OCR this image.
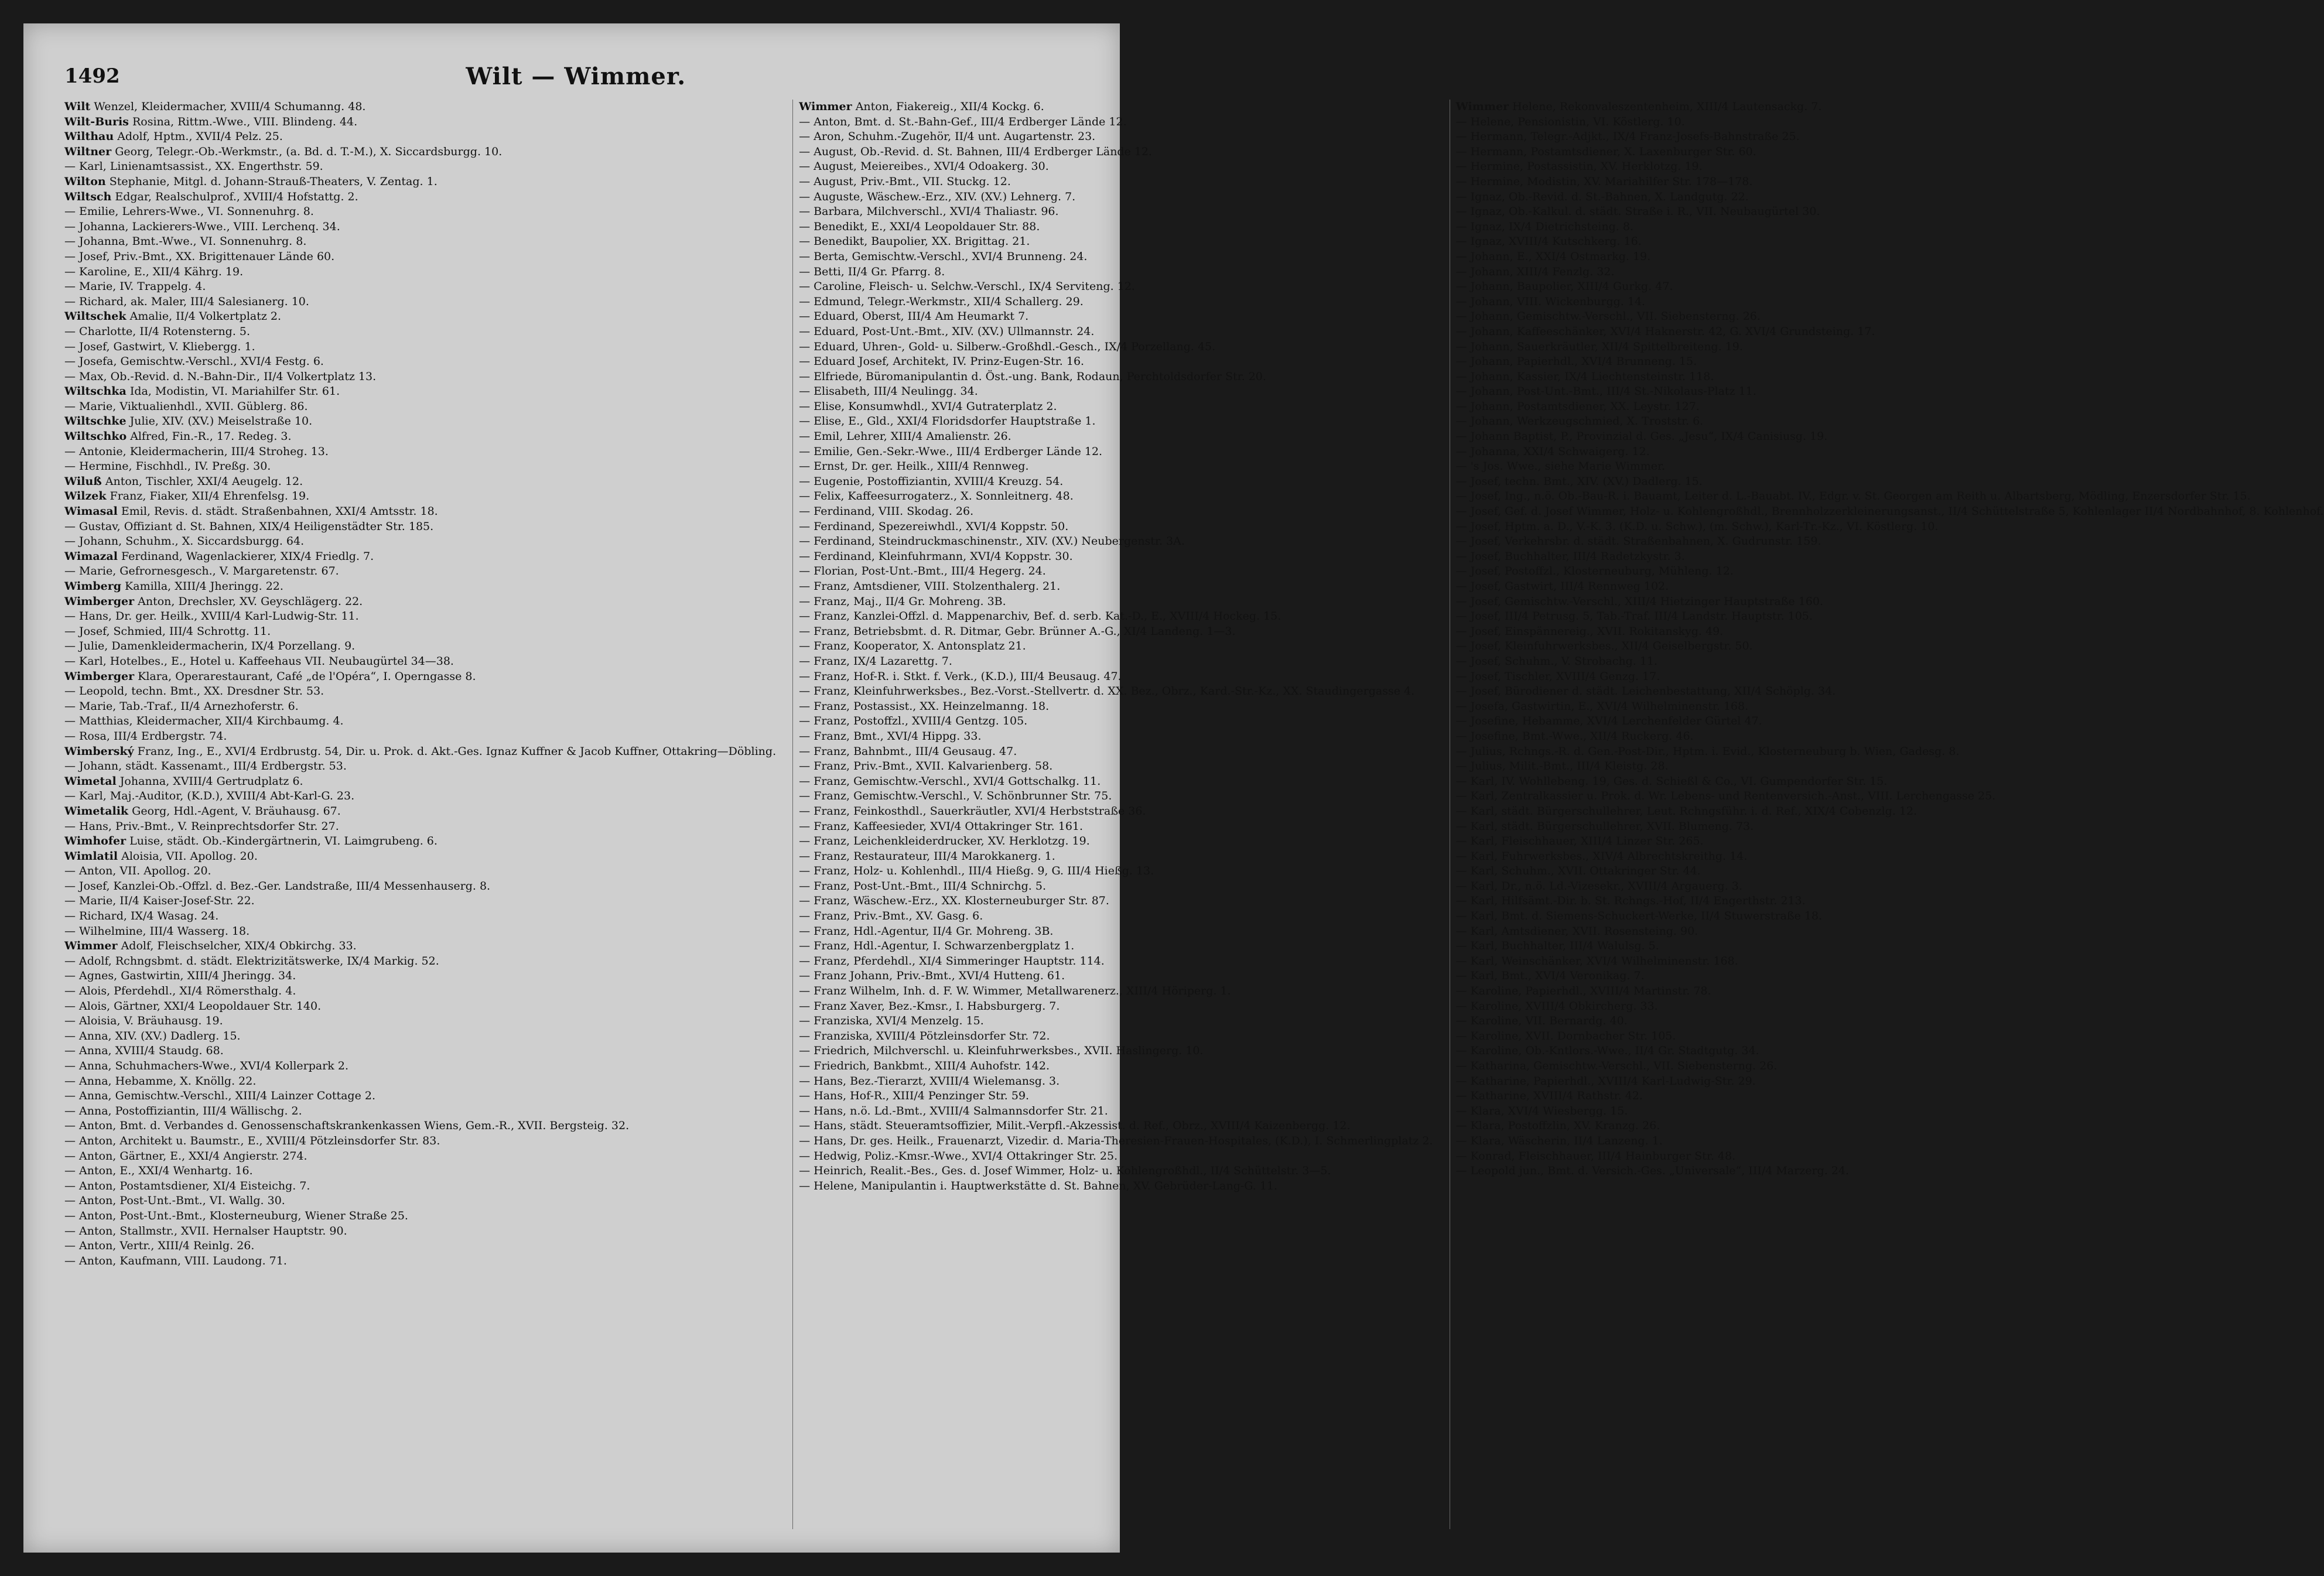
1492	Wilt — Wimmer.
Wilt Wenzel, Kleidermacher, XVIII/4 Schumanng. 48.
Wilt-Buris Rosina, Rittm.-Wwe., VIII. Blindeng. 44.
Wilthau Adolf, Hptm., XVII/4 Pelz. 25.
Wiltner Georg, Telegr.-Ob.-Werkmstr., (a. Bd. d. T.-M.), X. Siccardsburgg. 10.
— Karl, Linienamtsassist., XX. Engerthstr. 59.
Wilton Stephanie, Mitgl. d. Johann-Strauß-Theaters, V. Zentag. 1.
Wiltsch Edgar, Realschulprof., XVIII/4 Hofstattg. 2.
— Emilie, Lehrers-Wwe., VI. Sonnenuhrg. 8.
— Johanna, Lackierers-Wwe., VIII. Lerchenq. 34.
— Johanna, Bmt.-Wwe., VI. Sonnenuhrg. 8.
— Josef, Priv.-Bmt., XX. Brigittenauer Lände 60.
— Karoline, E., XII/4 Kährg. 19.
— Marie, IV. Trappelg. 4.
— Richard, ak. Maler, III/4 Salesianerg. 10.
Wiltschek Amalie, II/4 Volkertplatz 2.
— Charlotte, II/4 Rotensterng. 5.
— Josef, Gastwirt, V. Kliebergg. 1.
— Josefa, Gemischtw.-Verschl., XVI/4 Festg. 6.
— Max, Ob.-Revid. d. N.-Bahn-Dir., II/4 Volkertplatz 13.
Wiltschka Ida, Modistin, VI. Mariahilfer Str. 61.
— Marie, Viktualienhdl., XVII. Güblerg. 86.
Wiltschke Julie, XIV. (XV.) Meiselstraße 10.
Wiltschko Alfred, Fin.-R., 17. Redeg. 3.
— Antonie, Kleidermacherin, III/4 Stroheg. 13.
— Hermine, Fischhdl., IV. Preßg. 30.
Wiluß Anton, Tischler, XXI/4 Aeugelg. 12.
Wilzek Franz, Fiaker, XII/4 Ehrenfelsg. 19.
Wimasal Emil, Revis. d. städt. Straßenbahnen, XXI/4 Amtsstr. 18.
— Gustav, Offiziant d. St. Bahnen, XIX/4 Heiligenstädter Str. 185.
— Johann, Schuhm., X. Siccardsburgg. 64.
Wimazal Ferdinand, Wagenlackierer, XIX/4 Friedlg. 7.
— Marie, Gefrornesgesch., V. Margaretenstr. 67.
Wimberg Kamilla, XIII/4 Jheringg. 22.
Wimberger Anton, Drechsler, XV. Geyschlägerg. 22.
— Hans, Dr. ger. Heilk., XVIII/4 Karl-Ludwig-Str. 11.
— Josef, Schmied, III/4 Schrottg. 11.
— Julie, Damenkleidermacherin, IX/4 Porzellang. 9.
— Karl, Hotelbes., E., Hotel u. Kaffeehaus VII. Neubaugürtel 34—38.
Wimberger Klara, Operarestaurant, Café „de l'Opéra“, I. Operngasse 8.
— Leopold, techn. Bmt., XX. Dresdner Str. 53.
— Marie, Tab.-Traf., II/4 Arnezhoferstr. 6.
— Matthias, Kleidermacher, XII/4 Kirchbaumg. 4.
— Rosa, III/4 Erdbergstr. 74.
Wimberský Franz, Ing., E., XVI/4 Erdbrustg. 54, Dir. u. Prok. d. Akt.-Ges. Ignaz Kuffner & Jacob Kuffner, Ottakring—Döbling.
— Johann, städt. Kassenamt., III/4 Erdbergstr. 53.
Wimetal Johanna, XVIII/4 Gertrudplatz 6.
— Karl, Maj.-Auditor, (K.D.), XVIII/4 Abt-Karl-G. 23.
Wimetalik Georg, Hdl.-Agent, V. Bräuhausg. 67.
— Hans, Priv.-Bmt., V. Reinprechtsdorfer Str. 27.
Wimhofer Luise, städt. Ob.-Kindergärtnerin, VI. Laimgrubeng. 6.
Wimlatil Aloisia, VII. Apollog. 20.
— Anton, VII. Apollog. 20.
— Josef, Kanzlei-Ob.-Offzl. d. Bez.-Ger. Landstraße, III/4 Messenhauserg. 8.
— Marie, II/4 Kaiser-Josef-Str. 22.
— Richard, IX/4 Wasag. 24.
— Wilhelmine, III/4 Wasserg. 18.
Wimmer Adolf, Fleischselcher, XIX/4 Obkirchg. 33.
— Adolf, Rchngsbmt. d. städt. Elektrizitätswerke, IX/4 Markig. 52.
— Agnes, Gastwirtin, XIII/4 Jheringg. 34.
— Alois, Pferdehdl., XI/4 Römersthalg. 4.
— Alois, Gärtner, XXI/4 Leopoldauer Str. 140.
— Aloisia, V. Bräuhausg. 19.
— Anna, XIV. (XV.) Dadlerg. 15.
— Anna, XVIII/4 Staudg. 68.
— Anna, Schuhmachers-Wwe., XVI/4 Kollerpark 2.
— Anna, Hebamme, X. Knöllg. 22.
— Anna, Gemischtw.-Verschl., XIII/4 Lainzer Cottage 2.
— Anna, Postoffiziantin, III/4 Wällischg. 2.
— Anton, Bmt. d. Verbandes d. Genossenschaftskrankenkassen Wiens, Gem.-R., XVII. Bergsteig. 32.
— Anton, Architekt u. Baumstr., E., XVIII/4 Pötzleinsdorfer Str. 83.
— Anton, Gärtner, E., XXI/4 Angierstr. 274.
— Anton, E., XXI/4 Wenhartg. 16.
— Anton, Postamtsdiener, XI/4 Eisteichg. 7.
— Anton, Post-Unt.-Bmt., VI. Wallg. 30.
— Anton, Post-Unt.-Bmt., Klosterneuburg, Wiener Straße 25.
— Anton, Stallmstr., XVII. Hernalser Hauptstr. 90.
— Anton, Vertr., XIII/4 Reinlg. 26.
— Anton, Kaufmann, VIII. Laudong. 71.
Wimmer Anton, Fiakereig., XII/4 Kockg. 6.
— Anton, Bmt. d. St.-Bahn-Gef., III/4 Erdberger Lände 12.
— Aron, Schuhm.-Zugehör, II/4 unt. Augartenstr. 23.
— August, Ob.-Revid. d. St. Bahnen, III/4 Erdberger Lände 12.
— August, Meiereibes., XVI/4 Odoakerg. 30.
— August, Priv.-Bmt., VII. Stuckg. 12.
— Auguste, Wäschew.-Erz., XIV. (XV.) Lehnerg. 7.
— Barbara, Milchverschl., XVI/4 Thaliastr. 96.
— Benedikt, E., XXI/4 Leopoldauer Str. 88.
— Benedikt, Baupolier, XX. Brigittag. 21.
— Berta, Gemischtw.-Verschl., XVI/4 Brunneng. 24.
— Betti, II/4 Gr. Pfarrg. 8.
— Caroline, Fleisch- u. Selchw.-Verschl., IX/4 Serviteng. 12.
— Edmund, Telegr.-Werkmstr., XII/4 Schallerg. 29.
— Eduard, Oberst, III/4 Am Heumarkt 7.
— Eduard, Post-Unt.-Bmt., XIV. (XV.) Ullmannstr. 24.
— Eduard, Uhren-, Gold- u. Silberw.-Großhdl.-Gesch., IX/4 Porzellang. 45.
— Eduard Josef, Architekt, IV. Prinz-Eugen-Str. 16.
— Elfriede, Büromanipulantin d. Öst.-ung. Bank, Rodaun, Perchtoldsdorfer Str. 20.
— Elisabeth, III/4 Neulingg. 34.
— Elise, Konsumwhdl., XVI/4 Gutraterplatz 2.
— Elise, E., Gld., XXI/4 Floridsdorfer Hauptstraße 1.
— Emil, Lehrer, XIII/4 Amalienstr. 26.
— Emilie, Gen.-Sekr.-Wwe., III/4 Erdberger Lände 12.
— Ernst, Dr. ger. Heilk., XIII/4 Rennweg.
— Eugenie, Postoffiziantin, XVIII/4 Kreuzg. 54.
— Felix, Kaffeesurrogaterz., X. Sonnleitnerg. 48.
— Ferdinand, VIII. Skodag. 26.
— Ferdinand, Spezereiwhdl., XVI/4 Koppstr. 50.
— Ferdinand, Steindruckmaschinenstr., XIV. (XV.) Neubergenstr. 3A.
— Ferdinand, Kleinfuhrmann, XVI/4 Koppstr. 30.
— Florian, Post-Unt.-Bmt., III/4 Hegerg. 24.
— Franz, Amtsdiener, VIII. Stolzenthalerg. 21.
— Franz, Maj., II/4 Gr. Mohreng. 3B.
— Franz, Kanzlei-Offzl. d. Mappenarchiv, Bef. d. serb. Kat.-D., E., XVIII/4 Hockeg. 15.
— Franz, Betriebsbmt. d. R. Ditmar, Gebr. Brünner A.-G., XI/4 Landeng. 1—3.
— Franz, Kooperator, X. Antonsplatz 21.
— Franz, IX/4 Lazarettg. 7.
— Franz, Hof-R. i. Stkt. f. Verk., (K.D.), III/4 Beusaug. 47.
— Franz, Kleinfuhrwerksbes., Bez.-Vorst.-Stellvertr. d. XX. Bez., Obrz., Kard.-Str.-Kz., XX. Staudingergasse 4.
— Franz, Postassist., XX. Heinzelmanng. 18.
— Franz, Postoffzl., XVIII/4 Gentzg. 105.
— Franz, Bmt., XVI/4 Hippg. 33.
— Franz, Bahnbmt., III/4 Geusaug. 47.
— Franz, Priv.-Bmt., XVII. Kalvarienberg. 58.
— Franz, Gemischtw.-Verschl., XVI/4 Gottschalkg. 11.
— Franz, Gemischtw.-Verschl., V. Schönbrunner Str. 75.
— Franz, Feinkosthdl., Sauerkräutler, XVI/4 Herbststraße 36.
— Franz, Kaffeesieder, XVI/4 Ottakringer Str. 161.
— Franz, Leichenkleiderdrucker, XV. Herklotzg. 19.
— Franz, Restaurateur, III/4 Marokkanerg. 1.
— Franz, Holz- u. Kohlenhdl., III/4 Hießg. 9, G. III/4 Hießg. 13.
— Franz, Post-Unt.-Bmt., III/4 Schnirchg. 5.
— Franz, Wäschew.-Erz., XX. Klosterneuburger Str. 87.
— Franz, Priv.-Bmt., XV. Gasg. 6.
— Franz, Hdl.-Agentur, II/4 Gr. Mohreng. 3B.
— Franz, Hdl.-Agentur, I. Schwarzenbergplatz 1.
— Franz, Pferdehdl., XI/4 Simmeringer Hauptstr. 114.
— Franz Johann, Priv.-Bmt., XVI/4 Hutteng. 61.
— Franz Wilhelm, Inh. d. F. W. Wimmer, Metallwarenerz., XIII/4 Höriperg. 1.
— Franz Xaver, Bez.-Kmsr., I. Habsburgerg. 7.
— Franziska, XVI/4 Menzelg. 15.
— Franziska, XVIII/4 Pötzleinsdorfer Str. 72.
— Friedrich, Milchverschl. u. Kleinfuhrwerksbes., XVII. Haslingerg. 10.
— Friedrich, Bankbmt., XIII/4 Auhofstr. 142.
— Hans, Bez.-Tierarzt, XVIII/4 Wielemansg. 3.
— Hans, Hof-R., XIII/4 Penzinger Str. 59.
— Hans, n.ö. Ld.-Bmt., XVIII/4 Salmannsdorfer Str. 21.
— Hans, städt. Steueramtsoffizier, Milit.-Verpfl.-Akzessist. d. Ref., Obrz., XVIII/4 Kaizenbergg. 12.
— Hans, Dr. ges. Heilk., Frauenarzt, Vizedir. d. Maria-Theresien-Frauen-Hospitales, (K.D.), I. Schmerlingplatz 2.
— Hedwig, Poliz.-Kmsr.-Wwe., XVI/4 Ottakringer Str. 25.
— Heinrich, Realit.-Bes., Ges. d. Josef Wimmer, Holz- u. Kohlengroßhdl., II/4 Schüttelstr. 3—5.
— Helene, Manipulantin i. Hauptwerkstätte d. St. Bahnen, XV. Gebrüder-Lang-G. 11.
Wimmer Helene, Rekonvaleszentenheim, XIII/4 Lautensackg. 7.
— Helene, Pensionistin, VI. Köstlerg. 10.
— Hermann, Telegr.-Adjkt., IX/4 Franz-Josefs-Bahnstraße 25.
— Hermann, Postamtsdiener, X. Laxenburger Str. 60.
— Hermine, Postassistin, XV. Herklotzg. 19.
— Hermine, Modistin, XV. Mariahilfer Str. 178—178.
— Ignaz, Ob.-Revid. d. St.-Bahnen, X. Landgutg. 22.
— Ignaz, Ob.-Kalkul. d. städt. Straße i. R., VII. Neubaugürtel 30.
— Ignaz, IX/4 Dietrichsteing. 8.
— Ignaz, XVIII/4 Kutschkerg. 16.
— Johann, E., XXI/4 Ostmarkg. 19.
— Johann, XIII/4 Fenzlg. 32.
— Johann, Baupolier, XIII/4 Gurkg. 47.
— Johann, VIII. Wickenburgg. 14.
— Johann, Gemischtw.-Verschl., VII. Siebensterng. 26.
— Johann, Kaffeeschänker, XVI/4 Haknerstr. 42, G. XVI/4 Grundsteing. 17.
— Johann, Sauerkräutler, XII/4 Spittelbreiteng. 19.
— Johann, Papierhdl., XVI/4 Brunneng. 15.
— Johann, Kassier, IX/4 Liechtensteinstr. 118.
— Johann, Post-Unt.-Bmt., III/4 St.-Nikolaus-Platz 11.
— Johann, Postamtsdiener, XX. Leystr. 127.
— Johann, Werkzeugschmied, X. Troststr. 6.
— Johann Baptist, P., Provinzial d. Ges. „Jesu“, IX/4 Canisiusg. 19.
— Johanna, XXI/4 Schwaigerg. 12.
— 's Jos. Wwe., siehe Marie Wimmer.
— Josef, techn. Bmt., XIV. (XV.) Dadlerg. 15.
— Josef, Ing., n.ö. Ob.-Bau-R. i. Bauamt, Leiter d. L.-Bauabt. IV., Edgr. v. St. Georgen am Reith u. Albartsberg, Mödling, Enzersdorfer Str. 15.
— Josef, Gef. d. Josef Wimmer, Holz- u. Kohlengroßhdl., Brennholzzerkleinerungsanst., II/4 Schüttelstraße 5, Kohlenlager II/4 Nordbahnhof, 8. Kohlenhof.
— Josef, Hptm. a. D., V.-K. 3. (K.D. u. Schw.), (m. Schw.), Karl-Tr.-Kz., VI. Köstlerg. 10.
— Josef, Verkehrsbr. d. städt. Straßenbahnen, X. Gudrunstr. 159.
— Josef, Buchhalter, III/4 Radetzkystr. 3.
— Josef, Postoffzl., Klosterneuburg, Mühleng. 12.
— Josef, Gastwirt, III/4 Rennweg 102.
— Josef, Gemischtw.-Verschl., XIII/4 Hietzinger Hauptstraße 160.
— Josef, III/4 Petrusg. 5, Tab.-Traf. III/4 Landstr. Hauptstr. 105.
— Josef, Einspännereig., XVII. Rokitanskyg. 49.
— Josef, Kleinfuhrwerksbes., XII/4 Geiselbergstr. 50.
— Josef, Schuhm., V. Strobachg. 11.
— Josef, Tischler, XVIII/4 Genzg. 17.
— Josef, Bürodiener d. städt. Leichenbestattung, XII/4 Schöplg. 34.
— Josefa, Gastwirtin, E., XVI/4 Wilhelminenstr. 168.
— Josefine, Hebamme, XVI/4 Lerchenfelder Gürtel 47.
— Josefine, Bmt.-Wwe., XII/4 Ruckerg. 46.
— Julius, Rchngs.-R. d. Gen.-Post-Dir., Hptm. i. Evid., Klosterneuburg b. Wien, Gadesg. 8.
— Julius, Milit.-Bmt., III/4 Kleistg. 28.
— Karl, IV. Wohllebeng. 19, Ges. d. Schießl & Co., VI. Gumpendorfer Str. 15.
— Karl, Zentralkassier u. Prok. d. Wr. Lebens- und Rentenversich.-Anst., VIII. Lerchengasse 25.
— Karl, städt. Bürgerschullehrer, Leut. Rchngsführ. i. d. Ref., XIX/4 Cobenzlg. 12.
— Karl, städt. Bürgerschullehrer, XVII. Blumeng. 73.
— Karl, Fleischhauer, XIII/4 Linzer Str. 265.
— Karl, Fuhrwerksbes., XIV/4 Albrechtskreithg. 14.
— Karl, Schuhm., XVII. Ottakringer Str. 44.
— Karl, Dr., n.ö. Ld.-Vizesekr., XVIII/4 Argauerg. 3.
— Karl, Hilfsämt.-Dir. b. St. Rchngs.-Hof, II/4 Engerthstr. 213.
— Karl, Bmt. d. Siemens-Schuckert-Werke, II/4 Stuwerstraße 18.
— Karl, Amtsdiener, XVII. Rosensteing. 90.
— Karl, Buchhalter, III/4 Walulsg. 5.
— Karl, Weinschänker, XVI/4 Wilhelminenstr. 168.
— Karl, Bmt., XVI/4 Veronikag. 7.
— Karoline, Papierhdl., XVIII/4 Martinstr. 78.
— Karoline, XVIII/4 Obkircherg. 33.
— Karoline, VII. Bernardg. 40.
— Karoline, XVII. Dornbacher Str. 105.
— Karoline, Ob.-Kntlors.-Wwe., II/4 Gr. Stadtgutg. 34.
— Katharina, Gemischtw.-Verschl., VII. Siebensterng. 26.
— Katharine, Papierhdl., XVIII/4 Karl-Ludwig-Str. 29.
— Katharine, XVIII/4 Rathstr. 42.
— Klara, XVI/4 Wiesbergg. 15.
— Klara, Postoffzlin, XV. Kranzg. 26.
— Klara, Wäscherin, II/4 Lanzeng. 1.
— Konrad, Fleischhauer, III/4 Hainburger Str. 48.
— Leopold jun., Bmt. d. Versich.-Ges. „Universale“, III/4 Marzerg. 24.
